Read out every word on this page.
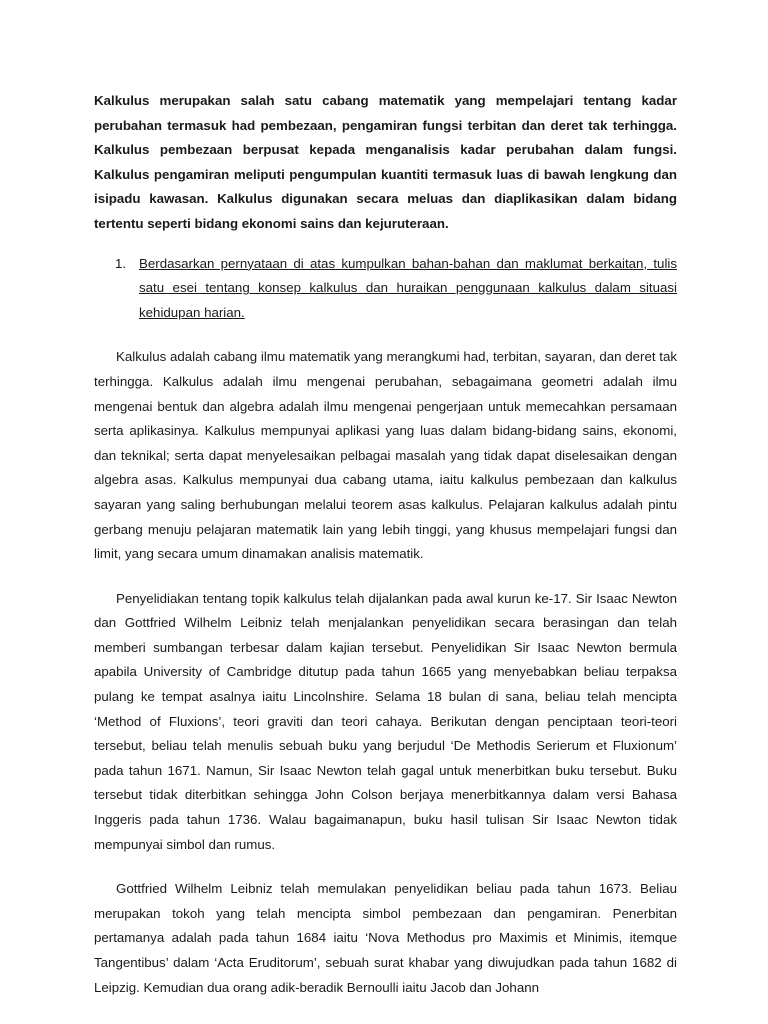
Kalkulus merupakan salah satu cabang matematik yang mempelajari tentang kadar perubahan termasuk had pembezaan, pengamiran fungsi terbitan dan deret tak terhingga. Kalkulus pembezaan berpusat kepada menganalisis kadar perubahan dalam fungsi. Kalkulus pengamiran meliputi pengumpulan kuantiti termasuk luas di bawah lengkung dan isipadu kawasan. Kalkulus digunakan secara meluas dan diaplikasikan dalam bidang tertentu seperti bidang ekonomi sains dan kejuruteraan.

1. Berdasarkan pernyataan di atas kumpulkan bahan-bahan dan maklumat berkaitan, tulis satu esei tentang konsep kalkulus dan huraikan penggunaan kalkulus dalam situasi kehidupan harian.

Kalkulus adalah cabang ilmu matematik yang merangkumi had, terbitan, sayaran, dan deret tak terhingga. Kalkulus adalah ilmu mengenai perubahan, sebagaimana geometri adalah ilmu mengenai bentuk dan algebra adalah ilmu mengenai pengerjaan untuk memecahkan persamaan serta aplikasinya. Kalkulus mempunyai aplikasi yang luas dalam bidang-bidang sains, ekonomi, dan teknikal; serta dapat menyelesaikan pelbagai masalah yang tidak dapat diselesaikan dengan algebra asas. Kalkulus mempunyai dua cabang utama, iaitu kalkulus pembezaan dan kalkulus sayaran yang saling berhubungan melalui teorem asas kalkulus. Pelajaran kalkulus adalah pintu gerbang menuju pelajaran matematik lain yang lebih tinggi, yang khusus mempelajari fungsi dan limit, yang secara umum dinamakan analisis matematik.

Penyelidiakan tentang topik kalkulus telah dijalankan pada awal kurun ke-17. Sir Isaac Newton dan Gottfried Wilhelm Leibniz telah menjalankan penyelidikan secara berasingan dan telah memberi sumbangan terbesar dalam kajian tersebut. Penyelidikan Sir Isaac Newton bermula apabila University of Cambridge ditutup pada tahun 1665 yang menyebabkan beliau terpaksa pulang ke tempat asalnya iaitu Lincolnshire. Selama 18 bulan di sana, beliau telah mencipta ‘Method of Fluxions’, teori graviti dan teori cahaya. Berikutan dengan penciptaan teori-teori tersebut, beliau telah menulis sebuah buku yang berjudul ‘De Methodis Serierum et Fluxionum’ pada tahun 1671. Namun, Sir Isaac Newton telah gagal untuk menerbitkan buku tersebut. Buku tersebut tidak diterbitkan sehingga John Colson berjaya menerbitkannya dalam versi Bahasa Inggeris pada tahun 1736. Walau bagaimanapun, buku hasil tulisan Sir Isaac Newton tidak mempunyai simbol dan rumus.

Gottfried Wilhelm Leibniz telah memulakan penyelidikan beliau pada tahun 1673. Beliau merupakan tokoh yang telah mencipta simbol pembezaan dan pengamiran. Penerbitan pertamanya adalah pada tahun 1684 iaitu ‘Nova Methodus pro Maximis et Minimis, itemque Tangentibus’ dalam ‘Acta Eruditorum’, sebuah surat khabar yang diwujudkan pada tahun 1682 di Leipzig. Kemudian dua orang adik-beradik Bernoulli iaitu Jacob dan Johann
